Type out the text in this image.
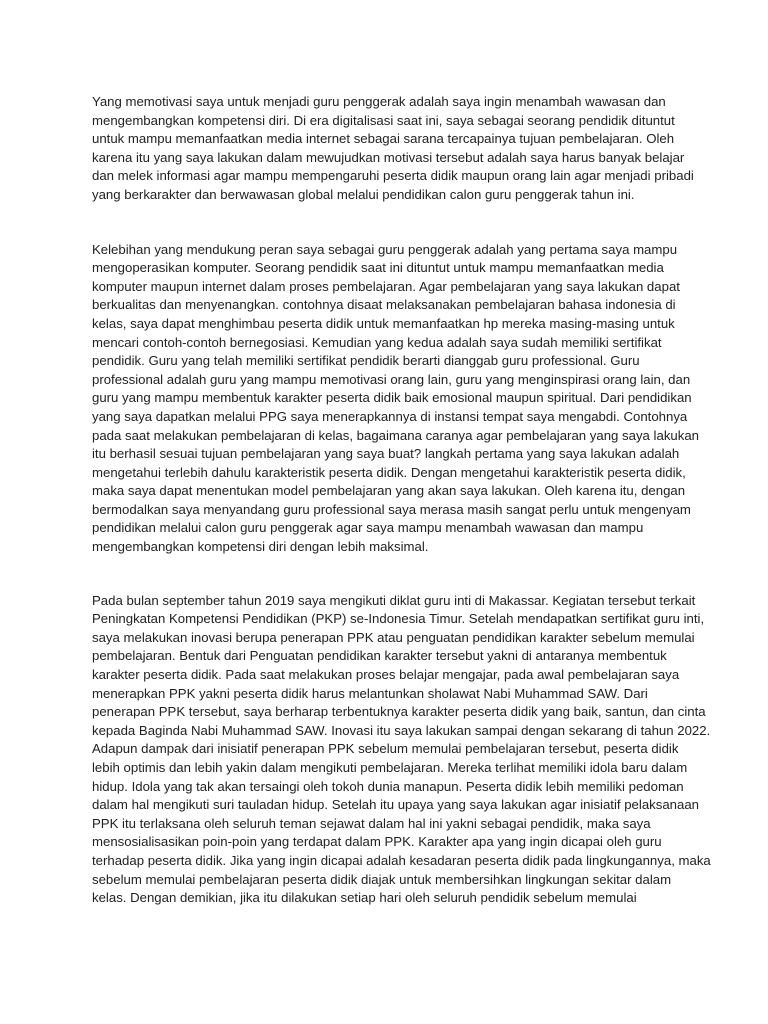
Yang memotivasi saya untuk menjadi guru penggerak adalah saya ingin menambah wawasan dan
mengembangkan kompetensi diri. Di era digitalisasi saat ini, saya sebagai seorang pendidik dituntut
untuk mampu memanfaatkan media internet sebagai sarana tercapainya tujuan pembelajaran. Oleh
karena itu yang saya lakukan dalam mewujudkan motivasi tersebut adalah saya harus banyak belajar
dan melek informasi agar mampu mempengaruhi peserta didik maupun orang lain agar menjadi pribadi
yang berkarakter dan berwawasan global melalui pendidikan calon guru penggerak tahun ini.
Kelebihan yang mendukung peran saya sebagai guru penggerak adalah yang pertama saya mampu
mengoperasikan komputer. Seorang pendidik saat ini dituntut untuk mampu memanfaatkan media
komputer maupun internet dalam proses pembelajaran. Agar pembelajaran yang saya lakukan dapat
berkualitas dan menyenangkan. contohnya disaat melaksanakan pembelajaran bahasa indonesia di
kelas, saya dapat menghimbau peserta didik untuk memanfaatkan hp mereka masing-masing untuk
mencari contoh-contoh bernegosiasi. Kemudian yang kedua adalah saya sudah memiliki sertifikat
pendidik. Guru yang telah memiliki sertifikat pendidik berarti dianggab guru professional. Guru
professional adalah guru yang mampu memotivasi orang lain, guru yang menginspirasi orang lain, dan
guru yang mampu membentuk karakter peserta didik baik emosional maupun spiritual. Dari pendidikan
yang saya dapatkan melalui PPG saya menerapkannya di instansi tempat saya mengabdi. Contohnya
pada saat melakukan pembelajaran di kelas, bagaimana caranya agar pembelajaran yang saya lakukan
itu berhasil sesuai tujuan pembelajaran yang saya buat? langkah pertama yang saya lakukan adalah
mengetahui terlebih dahulu karakteristik peserta didik. Dengan mengetahui karakteristik peserta didik,
maka saya dapat menentukan model pembelajaran yang akan saya lakukan. Oleh karena itu, dengan
bermodalkan saya menyandang guru professional saya merasa masih sangat perlu untuk mengenyam
pendidikan melalui calon guru penggerak agar saya mampu menambah wawasan dan mampu
mengembangkan kompetensi diri dengan lebih maksimal.
Pada bulan september tahun 2019 saya mengikuti diklat guru inti di Makassar. Kegiatan tersebut terkait
Peningkatan Kompetensi Pendidikan (PKP) se-Indonesia Timur. Setelah mendapatkan sertifikat guru inti,
saya melakukan inovasi berupa penerapan PPK atau penguatan pendidikan karakter sebelum memulai
pembelajaran. Bentuk dari Penguatan pendidikan karakter tersebut yakni di antaranya membentuk
karakter peserta didik. Pada saat melakukan proses belajar mengajar, pada awal pembelajaran saya
menerapkan PPK yakni peserta didik harus melantunkan sholawat Nabi Muhammad SAW. Dari
penerapan PPK tersebut, saya berharap terbentuknya karakter peserta didik yang baik, santun, dan cinta
kepada Baginda Nabi Muhammad SAW. Inovasi itu saya lakukan sampai dengan sekarang di tahun 2022.
Adapun dampak dari inisiatif penerapan PPK sebelum memulai pembelajaran tersebut, peserta didik
lebih optimis dan lebih yakin dalam mengikuti pembelajaran. Mereka terlihat memiliki idola baru dalam
hidup. Idola yang tak akan tersaingi oleh tokoh dunia manapun. Peserta didik lebih memiliki pedoman
dalam hal mengikuti suri tauladan hidup. Setelah itu upaya yang saya lakukan agar inisiatif pelaksanaan
PPK itu terlaksana oleh seluruh teman sejawat dalam hal ini yakni sebagai pendidik, maka saya
mensosialisasikan poin-poin yang terdapat dalam PPK. Karakter apa yang ingin dicapai oleh guru
terhadap peserta didik. Jika yang ingin dicapai adalah kesadaran peserta didik pada lingkungannya, maka
sebelum memulai pembelajaran peserta didik diajak untuk membersihkan lingkungan sekitar dalam
kelas. Dengan demikian, jika itu dilakukan setiap hari oleh seluruh pendidik sebelum memulai
